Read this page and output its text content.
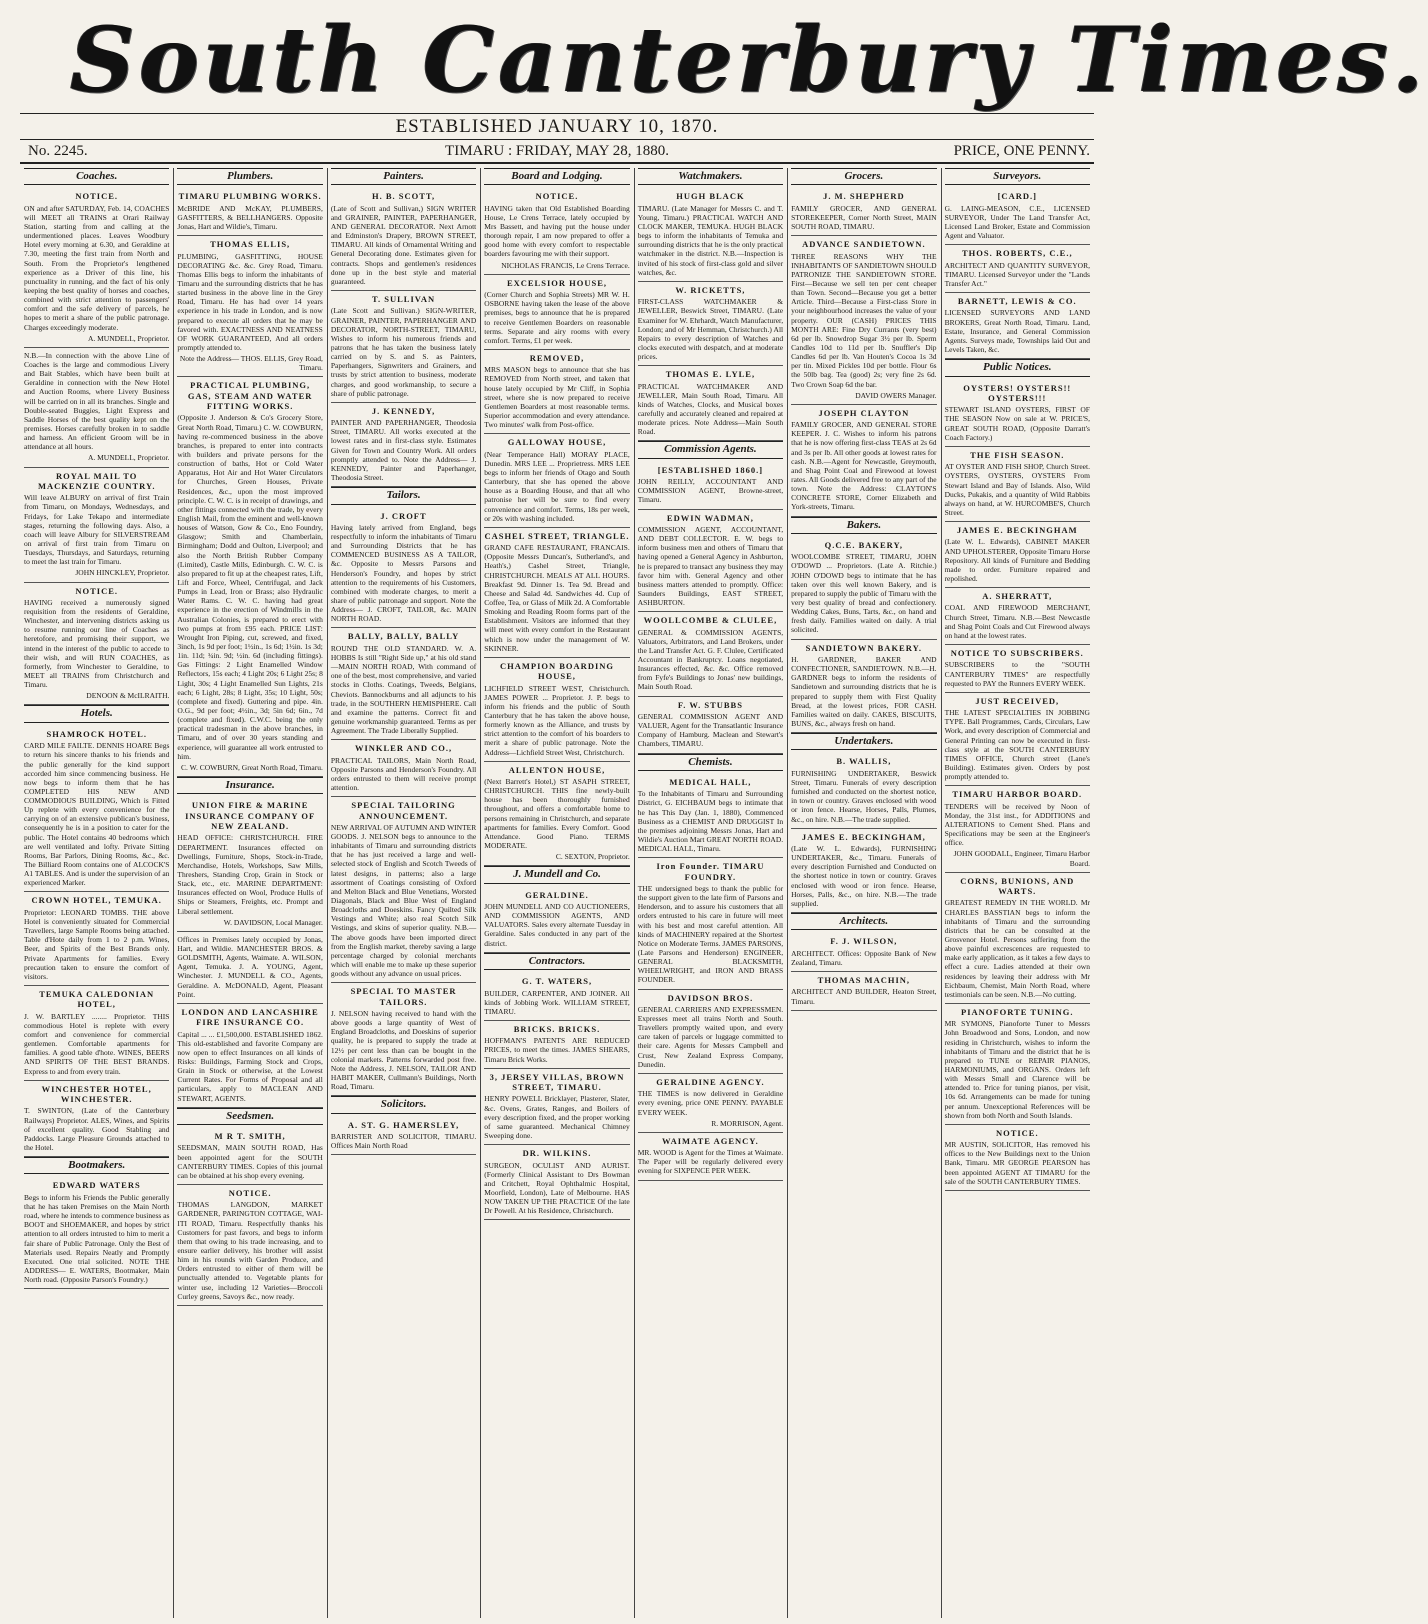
South Canterbury Times.
ESTABLISHED JANUARY 10, 1870.
No. 2245.	TIMARU : FRIDAY, MAY 28, 1880.	PRICE, ONE PENNY.
Coaches.
NOTICE.
ON and after SATURDAY, Feb. 14, COACHES will MEET all TRAINS at Orari Railway Station, starting from and calling at the undermentioned places. Leaves Woodbury Hotel every morning at 6.30, and Geraldine at 7.30, meeting the first train from North and South. From the Proprietor's lengthened experience as a Driver of this line, his punctuality in running, and the fact of his only keeping the best quality of horses and coaches, combined with strict attention to passengers' comfort and the safe delivery of parcels, he hopes to merit a share of the public patronage. Charges exceedingly moderate.
A. MUNDELL, Proprietor.
N.B.—In connection with the above Line of Coaches is the large and commodious Livery and Bait Stables, which have been built at Geraldine in connection with the New Hotel and Auction Rooms, where Livery Business will be carried on in all its branches. Single and Double-seated Buggies, Light Express and Saddle Horses of the best quality kept on the premises. Horses carefully broken in to saddle and harness. An efficient Groom will be in attendance at all hours.
A. MUNDELL, Proprietor.
ROYAL MAIL TO MACKENZIE COUNTRY.
Will leave ALBURY on arrival of first Train from Timaru, on Mondays, Wednesdays, and Fridays, for Lake Tekapo and intermediate stages, returning the following days. Also, a coach will leave Albury for SILVERSTREAM on arrival of first train from Timaru on Tuesdays, Thursdays, and Saturdays, returning to meet the last train for Timaru.
JOHN HINCKLEY, Proprietor.
NOTICE.
HAVING received a numerously signed requisition from the residents of Geraldine, Winchester, and intervening districts asking us to resume running our line of Coaches as heretofore, and promising their support, we intend in the interest of the public to accede to their wish, and will RUN COACHES, as formerly, from Winchester to Geraldine, to MEET all TRAINS from Christchurch and Timaru.
DENOON & McILRAITH.
Hotels.
SHAMROCK HOTEL.
CARD MILE FAILTE. DENNIS HOARE Begs to return his sincere thanks to his friends and the public generally for the kind support accorded him since commencing business. He now begs to inform them that he has COMPLETED HIS NEW AND COMMODIOUS BUILDING, Which is Fitted Up replete with every convenience for the carrying on of an extensive publican's business, consequently he is in a position to cater for the public. The Hotel contains 40 bedrooms which are well ventilated and lofty. Private Sitting Rooms, Bar Parlors, Dining Rooms, &c., &c. The Billiard Room contains one of ALCOCK'S A1 TABLES. And is under the supervision of an experienced Marker.
CROWN HOTEL, TEMUKA.
Proprietor: LEONARD TOMBS. THE above Hotel is conveniently situated for Commercial Travellers, large Sample Rooms being attached. Table d'Hote daily from 1 to 2 p.m. Wines, Beer, and Spirits of the Best Brands only. Private Apartments for families. Every precaution taken to ensure the comfort of visitors.
TEMUKA CALEDONIAN HOTEL,
J. W. BARTLEY ........ Proprietor. THIS commodious Hotel is replete with every comfort and convenience for commercial gentlemen. Comfortable apartments for families. A good table d'hote. WINES, BEERS AND SPIRITS OF THE BEST BRANDS. Express to and from every train.
WINCHESTER HOTEL, WINCHESTER.
T. SWINTON, (Late of the Canterbury Railways) Proprietor. ALES, Wines, and Spirits of excellent quality. Good Stabling and Paddocks. Large Pleasure Grounds attached to the Hotel.
Bootmakers.
EDWARD WATERS
Begs to inform his Friends the Public generally that he has taken Premises on the Main North road, where he intends to commence business as BOOT and SHOEMAKER, and hopes by strict attention to all orders intrusted to him to merit a fair share of Public Patronage. Only the Best of Materials used. Repairs Neatly and Promptly Executed. One trial solicited. NOTE THE ADDRESS— E. WATERS, Bootmaker, Main North road. (Opposite Parson's Foundry.)
Plumbers.
TIMARU PLUMBING WORKS.
McBRIDE AND McKAY, PLUMBERS, GASFITTERS, & BELLHANGERS. Opposite Jonas, Hart and Wildie's, Timaru.
THOMAS ELLIS,
PLUMBING, GASFITTING, HOUSE DECORATING &c. &c. Grey Road, Timaru. Thomas Ellis begs to inform the inhabitants of Timaru and the surrounding districts that he has started business in the above line in the Grey Road, Timaru. He has had over 14 years experience in his trade in London, and is now prepared to execute all orders that he may be favored with. EXACTNESS AND NEATNESS OF WORK GUARANTEED, And all orders promptly attended to.
Note the Address— THOS. ELLIS, Grey Road, Timaru.
PRACTICAL PLUMBING, GAS, STEAM AND WATER FITTING WORKS.
(Opposite J. Anderson & Co's Grocery Store, Great North Road, Timaru.) C. W. COWBURN, having re-commenced business in the above branches, is prepared to enter into contracts with builders and private persons for the construction of baths, Hot or Cold Water Apparatus, Hot Air and Hot Water Circulators for Churches, Green Houses, Private Residences, &c., upon the most improved principle. C. W. C. is in receipt of drawings, and other fittings connected with the trade, by every English Mail, from the eminent and well-known houses of Watson, Gow & Co., Eno Foundry, Glasgow; Smith and Chamberlain, Birmingham; Dodd and Oulton, Liverpool; and also the North British Rubber Company (Limited), Castle Mills, Edinburgh. C. W. C. is also prepared to fit up at the cheapest rates, Lift, Lift and Force, Wheel, Centrifugal, and Jack Pumps in Lead, Iron or Brass; also Hydraulic Water Rams. C. W. C. having had great experience in the erection of Windmills in the Australian Colonies, is prepared to erect with two pumps at from £95 each. PRICE LIST: Wrought Iron Piping, cut, screwed, and fixed, 3inch, 1s 9d per foot; 1½in., 1s 6d; 1½in. 1s 3d; 1in. 11d; ¾in. 9d; ½in. 6d (including fittings). Gas Fittings: 2 Light Enamelled Window Reflectors, 15s each; 4 Light 20s; 6 Light 25s; 8 Light, 30s; 4 Light Enamelled Sun Lights, 21s each; 6 Light, 28s; 8 Light, 35s; 10 Light, 50s; (complete and fixed). Guttering and pipe. 4in. O.G., 9d per foot; 4½in., 3d; 5in 6d; 6in., 7d (complete and fixed). C.W.C. being the only practical tradesman in the above branches, in Timaru, and of over 30 years standing and experience, will guarantee all work entrusted to him.
C. W. COWBURN, Great North Road, Timaru.
Insurance.
UNION FIRE & MARINE INSURANCE COMPANY OF NEW ZEALAND.
HEAD OFFICE: CHRISTCHURCH. FIRE DEPARTMENT. Insurances effected on Dwellings, Furniture, Shops, Stock-in-Trade, Merchandise, Hotels, Workshops, Saw Mills, Threshers, Standing Crop, Grain in Stock or Stack, etc., etc. MARINE DEPARTMENT: Insurances effected on Wool, Produce Hulls of Ships or Steamers, Freights, etc. Prompt and Liberal settlement.
W. DAVIDSON, Local Manager.
Offices in Premises lately occupied by Jonas, Hart, and Wildie. MANCHESTER BROS. & GOLDSMITH, Agents, Waimate. A. WILSON, Agent, Temuka. J. A. YOUNG, Agent, Winchester. J. MUNDELL & CO., Agents, Geraldine. A. McDONALD, Agent, Pleasant Point.
LONDON AND LANCASHIRE FIRE INSURANCE CO.
Capital ... ... £1,500,000. ESTABLISHED 1862. This old-established and favorite Company are now open to effect Insurances on all kinds of Risks: Buildings, Farming Stock and Crops, Grain in Stock or otherwise, at the Lowest Current Rates. For Forms of Proposal and all particulars, apply to MACLEAN AND STEWART, AGENTS.
Seedsmen.
M R T. SMITH,
SEEDSMAN, MAIN SOUTH ROAD, Has been appointed agent for the SOUTH CANTERBURY TIMES. Copies of this journal can be obtained at his shop every evening.
NOTICE.
THOMAS LANGDON, MARKET GARDENER, PARINGTON COTTAGE, WAI-ITI ROAD, Timaru. Respectfully thanks his Customers for past favors, and begs to inform them that owing to his trade increasing, and to ensure earlier delivery, his brother will assist him in his rounds with Garden Produce, and Orders entrusted to either of them will be punctually attended to. Vegetable plants for winter use, including 12 Varieties—Broccoli Curley greens, Savoys &c., now ready.
Painters.
H. B. SCOTT,
(Late of Scott and Sullivan,) SIGN WRITER and GRAINER, PAINTER, PAPERHANGER, AND GENERAL DECORATOR. Next Arnott and Edminston's Drapery, BROWN STREET, TIMARU. All kinds of Ornamental Writing and General Decorating done. Estimates given for contracts. Shops and gentlemen's residences done up in the best style and material guaranteed.
T. SULLIVAN
(Late Scott and Sullivan.) SIGN-WRITER, GRAINER, PAINTER, PAPERHANGER AND DECORATOR, NORTH-STREET, TIMARU, Wishes to inform his numerous friends and patrons that he has taken the business lately carried on by S. and S. as Painters, Paperhangers, Signwriters and Grainers, and trusts by strict attention to business, moderate charges, and good workmanship, to secure a share of public patronage.
J. KENNEDY,
PAINTER AND PAPERHANGER, Theodosia Street, TIMARU. All works executed at the lowest rates and in first-class style. Estimates Given for Town and Country Work. All orders promptly attended to. Note the Address— J. KENNEDY, Painter and Paperhanger, Theodosia Street.
Tailors.
J. CROFT
Having lately arrived from England, begs respectfully to inform the inhabitants of Timaru and Surrounding Districts that he has COMMENCED BUSINESS AS A TAILOR, &c. Opposite to Messrs Parsons and Henderson's Foundry, and hopes by strict attention to the requirements of his Customers, combined with moderate charges, to merit a share of public patronage and support. Note the Address— J. CROFT, TAILOR, &c. MAIN NORTH ROAD.
BALLY, BALLY, BALLY
ROUND THE OLD STANDARD. W. A. HOBBS Is still "Right Side up," at his old stand—MAIN NORTH ROAD, With command of one of the best, most comprehensive, and varied stocks in Cloths. Coatings, Tweeds, Belgians, Cheviots. Bannockburns and all adjuncts to his trade, in the SOUTHERN HEMISPHERE. Call and examine the patterns. Correct fit and genuine workmanship guaranteed. Terms as per Agreement. The Trade Liberally Supplied.
WINKLER AND CO.,
PRACTICAL TAILORS, Main North Road, Opposite Parsons and Henderson's Foundry. All orders entrusted to them will receive prompt attention.
SPECIAL TAILORING ANNOUNCEMENT.
NEW ARRIVAL OF AUTUMN AND WINTER GOODS. J. NELSON begs to announce to the inhabitants of Timaru and surrounding districts that he has just received a large and well-selected stock of English and Scotch Tweeds of latest designs, in patterns; also a large assortment of Coatings consisting of Oxford and Melton Black and Blue Venetians, Worsted Diagonals, Black and Blue West of England Broadcloths and Doeskins. Fancy Quilted Silk Vestings and White; also real Scotch Silk Vestings, and skins of superior quality. N.B.—The above goods have been imported direct from the English market, thereby saving a large percentage charged by colonial merchants which will enable me to make up these superior goods without any advance on usual prices.
SPECIAL TO MASTER TAILORS.
J. NELSON having received to hand with the above goods a large quantity of West of England Broadcloths, and Doeskins of superior quality, he is prepared to supply the trade at 12½ per cent less than can be bought in the colonial markets. Patterns forwarded post free. Note the Address, J. NELSON, TAILOR AND HABIT MAKER, Cullmann's Buildings, North Road, Timaru.
Solicitors.
A. ST. G. HAMERSLEY,
BARRISTER AND SOLICITOR, TIMARU. Offices Main North Road
Board and Lodging.
NOTICE.
HAVING taken that Old Established Boarding House, Le Crens Terrace, lately occupied by Mrs Bassett, and having put the house under thorough repair, I am now prepared to offer a good home with every comfort to respectable boarders favouring me with their support.
NICHOLAS FRANCIS, Le Crens Terrace.
EXCELSIOR HOUSE,
(Corner Church and Sophia Streets) MR W. H. OSBORNE having taken the lease of the above premises, begs to announce that he is prepared to receive Gentlemen Boarders on reasonable terms. Separate and airy rooms with every comfort. Terms, £1 per week.
REMOVED,
MRS MASON begs to announce that she has REMOVED from North street, and taken that house lately occupied by Mr Cliff, in Sophia street, where she is now prepared to receive Gentlemen Boarders at most reasonable terms. Superior accommodation and every attendance. Two minutes' walk from Post-office.
GALLOWAY HOUSE,
(Near Temperance Hall) MORAY PLACE, Dunedin. MRS LEE ... Proprietress. MRS LEE begs to inform her friends of Otago and South Canterbury, that she has opened the above house as a Boarding House, and that all who patronise her will be sure to find every convenience and comfort. Terms, 18s per week, or 20s with washing included.
CASHEL STREET, TRIANGLE.
GRAND CAFE RESTAURANT, FRANCAIS. (Opposite Messrs Duncan's, Sutherland's, and Heath's,) Cashel Street, Triangle, CHRISTCHURCH. MEALS AT ALL HOURS. Breakfast 9d. Dinner 1s. Tea 9d. Bread and Cheese and Salad 4d. Sandwiches 4d. Cup of Coffee, Tea, or Glass of Milk 2d. A Comfortable Smoking and Reading Room forms part of the Establishment. Visitors are informed that they will meet with every comfort in the Restaurant which is now under the management of W. SKINNER.
CHAMPION BOARDING HOUSE,
LICHFIELD STREET WEST, Christchurch. JAMES POWER ... Proprietor. J. P. begs to inform his friends and the public of South Canterbury that he has taken the above house, formerly known as the Alliance, and trusts by strict attention to the comfort of his boarders to merit a share of public patronage. Note the Address—Lichfield Street West, Christchurch.
ALLENTON HOUSE,
(Next Barrett's Hotel,) ST ASAPH STREET, CHRISTCHURCH. THIS fine newly-built house has been thoroughly furnished throughout, and offers a comfortable home to persons remaining in Christchurch, and separate apartments for families. Every Comfort. Good Attendance. Good Piano. TERMS MODERATE.
C. SEXTON, Proprietor.
J. Mundell and Co.
GERALDINE.
JOHN MUNDELL AND CO AUCTIONEERS, AND COMMISSION AGENTS, AND VALUATORS. Sales every alternate Tuesday in Geraldine. Sales conducted in any part of the district.
Contractors.
G. T. WATERS,
BUILDER, CARPENTER, AND JOINER. All kinds of Jobbing Work. WILLIAM STREET, TIMARU.
BRICKS. BRICKS.
HOFFMAN'S PATENTS ARE REDUCED PRICES, to meet the times. JAMES SHEARS, Timaru Brick Works.
3, JERSEY VILLAS, BROWN STREET, TIMARU.
HENRY POWELL Bricklayer, Plasterer, Slater, &c. Ovens, Grates, Ranges, and Boilers of every description fixed, and the proper working of same guaranteed. Mechanical Chimney Sweeping done.
DR. WILKINS.
SURGEON, OCULIST AND AURIST. (Formerly Clinical Assistant to Drs Bowman and Critchett, Royal Ophthalmic Hospital, Moorfield, London), Late of Melbourne. HAS NOW TAKEN UP THE PRACTICE Of the late Dr Powell. At his Residence, Christchurch.
Watchmakers.
HUGH BLACK
TIMARU. (Late Manager for Messrs C. and T. Young, Timaru.) PRACTICAL WATCH AND CLOCK MAKER, TEMUKA. HUGH BLACK begs to inform the inhabitants of Temuka and surrounding districts that he is the only practical watchmaker in the district. N.B.—Inspection is invited of his stock of first-class gold and silver watches, &c.
W. RICKETTS,
FIRST-CLASS WATCHMAKER & JEWELLER, Beswick Street, TIMARU. (Late Examiner for W. Ehrhardt, Watch Manufacturer, London; and of Mr Hemman, Christchurch.) All Repairs to every description of Watches and clocks executed with despatch, and at moderate prices.
THOMAS E. LYLE,
PRACTICAL WATCHMAKER AND JEWELLER, Main South Road, Timaru. All kinds of Watches, Clocks, and Musical boxes carefully and accurately cleaned and repaired at moderate prices. Note Address—Main South Road.
Commission Agents.
[ESTABLISHED 1860.]
JOHN REILLY, ACCOUNTANT AND COMMISSION AGENT, Browne-street, Timaru.
EDWIN WADMAN,
COMMISSION AGENT, ACCOUNTANT, AND DEBT COLLECTOR. E. W. begs to inform business men and others of Timaru that having opened a General Agency in Ashburton, he is prepared to transact any business they may favor him with. General Agency and other business matters attended to promptly. Office: Saunders Buildings, EAST STREET, ASHBURTON.
WOOLLCOMBE & CLULEE,
GENERAL & COMMISSION AGENTS, Valuators, Arbitrators, and Land Brokers, under the Land Transfer Act. G. F. Clulee, Certificated Accountant in Bankruptcy. Loans negotiated, Insurances effected, &c. &c. Office removed from Fyfe's Buildings to Jonas' new buildings, Main South Road.
F. W. STUBBS
GENERAL COMMISSION AGENT AND VALUER, Agent for the Transatlantic Insurance Company of Hamburg. Maclean and Stewart's Chambers, TIMARU.
Chemists.
MEDICAL HALL,
To the Inhabitants of Timaru and Surrounding District, G. EICHBAUM begs to intimate that he has This Day (Jan. 1, 1880), Commenced Business as a CHEMIST AND DRUGGIST In the premises adjoining Messrs Jonas, Hart and Wildie's Auction Mart GREAT NORTH ROAD. MEDICAL HALL, Timaru.
Iron Founder. TIMARU FOUNDRY.
THE undersigned begs to thank the public for the support given to the late firm of Parsons and Henderson, and to assure his customers that all orders entrusted to his care in future will meet with his best and most careful attention. All kinds of MACHINERY repaired at the Shortest Notice on Moderate Terms. JAMES PARSONS, (Late Parsons and Henderson) ENGINEER, GENERAL BLACKSMITH, WHEELWRIGHT, and IRON AND BRASS FOUNDER.
DAVIDSON BROS.
GENERAL CARRIERS AND EXPRESSMEN. Expresses meet all trains North and South. Travellers promptly waited upon, and every care taken of parcels or luggage committed to their care. Agents for Messrs Campbell and Crust, New Zealand Express Company, Dunedin.
GERALDINE AGENCY.
THE TIMES is now delivered in Geraldine every evening, price ONE PENNY. PAYABLE EVERY WEEK.
R. MORRISON, Agent.
WAIMATE AGENCY.
MR. WOOD is Agent for the Times at Waimate. The Paper will be regularly delivered every evening for SIXPENCE PER WEEK.
Grocers.
J. M. SHEPHERD
FAMILY GROCER, AND GENERAL STOREKEEPER, Corner North Street, MAIN SOUTH ROAD, TIMARU.
ADVANCE SANDIETOWN.
THREE REASONS WHY THE INHABITANTS OF SANDIETOWN SHOULD PATRONIZE THE SANDIETOWN STORE. First—Because we sell ten per cent cheaper than Town. Second—Because you get a better Article. Third—Because a First-class Store in your neighbourhood increases the value of your property. OUR (CASH) PRICES THIS MONTH ARE: Fine Dry Currants (very best) 6d per lb. Snowdrop Sugar 3½ per lb. Sperm Candles 10d to 11d per lb. Snuffler's Dip Candles 6d per lb. Van Houten's Cocoa 1s 3d per tin. Mixed Pickles 10d per bottle. Flour 6s the 50lb bag. Tea (good) 2s; very fine 2s 6d. Two Crown Soap 6d the bar.
DAVID OWERS Manager.
JOSEPH CLAYTON
FAMILY GROCER, AND GENERAL STORE KEEPER. J. C. Wishes to inform his patrons that he is now offering first-class TEAS at 2s 6d and 3s per lb. All other goods at lowest rates for cash. N.B.—Agent for Newcastle, Greymouth, and Shag Point Coal and Firewood at lowest rates. All Goods delivered free to any part of the town. Note the Address: CLAYTON'S CONCRETE STORE, Corner Elizabeth and York-streets, Timaru.
Bakers.
Q.C.E. BAKERY,
WOOLCOMBE STREET, TIMARU, JOHN O'DOWD ... Proprietors. (Late A. Ritchie.) JOHN O'DOWD begs to intimate that he has taken over this well known Bakery, and is prepared to supply the public of Timaru with the very best quality of bread and confectionery. Wedding Cakes, Buns, Tarts, &c., on hand and fresh daily. Families waited on daily. A trial solicited.
SANDIETOWN BAKERY.
H. GARDNER, BAKER AND CONFECTIONER, SANDIETOWN. N.B.—H. GARDNER begs to inform the residents of Sandietown and surrounding districts that he is prepared to supply them with First Quality Bread, at the lowest prices, FOR CASH. Families waited on daily. CAKES, BISCUITS, BUNS, &c., always fresh on hand.
Undertakers.
B. WALLIS,
FURNISHING UNDERTAKER, Beswick Street, Timaru. Funerals of every description furnished and conducted on the shortest notice, in town or country. Graves enclosed with wood or iron fence. Hearse, Horses, Palls, Plumes, &c., on hire. N.B.—The trade supplied.
JAMES E. BECKINGHAM,
(Late W. L. Edwards), FURNISHING UNDERTAKER, &c., Timaru. Funerals of every description Furnished and Conducted on the shortest notice in town or country. Graves enclosed with wood or iron fence. Hearse, Horses, Palls, &c., on hire. N.B.—The trade supplied.
Architects.
F. J. WILSON,
ARCHITECT. Offices: Opposite Bank of New Zealand, Timaru.
THOMAS MACHIN,
ARCHITECT AND BUILDER, Heaton Street, Timaru.
Surveyors.
[CARD.]
G. LAING-MEASON, C.E., LICENSED SURVEYOR, Under The Land Transfer Act, Licensed Land Broker, Estate and Commission Agent and Valuator.
THOS. ROBERTS, C.E.,
ARCHITECT AND QUANTITY SURVEYOR, TIMARU. Licensed Surveyor under the "Lands Transfer Act."
BARNETT, LEWIS & CO.
LICENSED SURVEYORS AND LAND BROKERS, Great North Road, Timaru. Land, Estate, Insurance, and General Commission Agents. Surveys made, Townships laid Out and Levels Taken, &c.
Public Notices.
OYSTERS! OYSTERS!! OYSTERS!!!
STEWART ISLAND OYSTERS, FIRST OF THE SEASON Now on sale at W. PRICE'S, GREAT SOUTH ROAD, (Opposite Darratt's Coach Factory.)
THE FISH SEASON.
AT OYSTER AND FISH SHOP, Church Street. OYSTERS, OYSTERS, OYSTERS From Stewart Island and Bay of Islands. Also, Wild Ducks, Pukakis, and a quantity of Wild Rabbits always on hand, at W. HURCOMBE'S, Church Street.
JAMES E. BECKINGHAM
(Late W. L. Edwards), CABINET MAKER AND UPHOLSTERER, Opposite Timaru Horse Repository. All kinds of Furniture and Bedding made to order. Furniture repaired and repolished.
A. SHERRATT,
COAL AND FIREWOOD MERCHANT, Church Street, Timaru. N.B.—Best Newcastle and Shag Point Coals and Cut Firewood always on hand at the lowest rates.
NOTICE TO SUBSCRIBERS.
SUBSCRIBERS to the "SOUTH CANTERBURY TIMES" are respectfully requested to PAY the Runners EVERY WEEK.
JUST RECEIVED,
THE LATEST SPECIALTIES IN JOBBING TYPE. Ball Programmes, Cards, Circulars, Law Work, and every description of Commercial and General Printing can now be executed in first-class style at the SOUTH CANTERBURY TIMES OFFICE, Church street (Lane's Building). Estimates given. Orders by post promptly attended to.
TIMARU HARBOR BOARD.
TENDERS will be received by Noon of Monday, the 31st inst., for ADDITIONS and ALTERATIONS to Cement Shed. Plans and Specifications may be seen at the Engineer's office.
JOHN GOODALL, Engineer, Timaru Harbor Board.
CORNS, BUNIONS, AND WARTS.
GREATEST REMEDY IN THE WORLD. Mr CHARLES BASSTIAN begs to inform the inhabitants of Timaru and the surrounding districts that he can be consulted at the Grosvenor Hotel. Persons suffering from the above painful excrescences are requested to make early application, as it takes a few days to effect a cure. Ladies attended at their own residences by leaving their address with Mr Eichbaum, Chemist, Main North Road, where testimonials can be seen. N.B.—No cutting.
PIANOFORTE TUNING.
MR SYMONS, Pianoforte Tuner to Messrs John Broadwood and Sons, London, and now residing in Christchurch, wishes to inform the inhabitants of Timaru and the district that he is prepared to TUNE or REPAIR PIANOS, HARMONIUMS, and ORGANS. Orders left with Messrs Small and Clarence will be attended to. Price for tuning pianos, per visit, 10s 6d. Arrangements can be made for tuning per annum. Unexceptional References will be shown from both North and South Islands.
NOTICE.
MR AUSTIN, SOLICITOR, Has removed his offices to the New Buildings next to the Union Bank, Timaru. MR GEORGE PEARSON has been appointed AGENT AT TIMARU for the sale of the SOUTH CANTERBURY TIMES.
